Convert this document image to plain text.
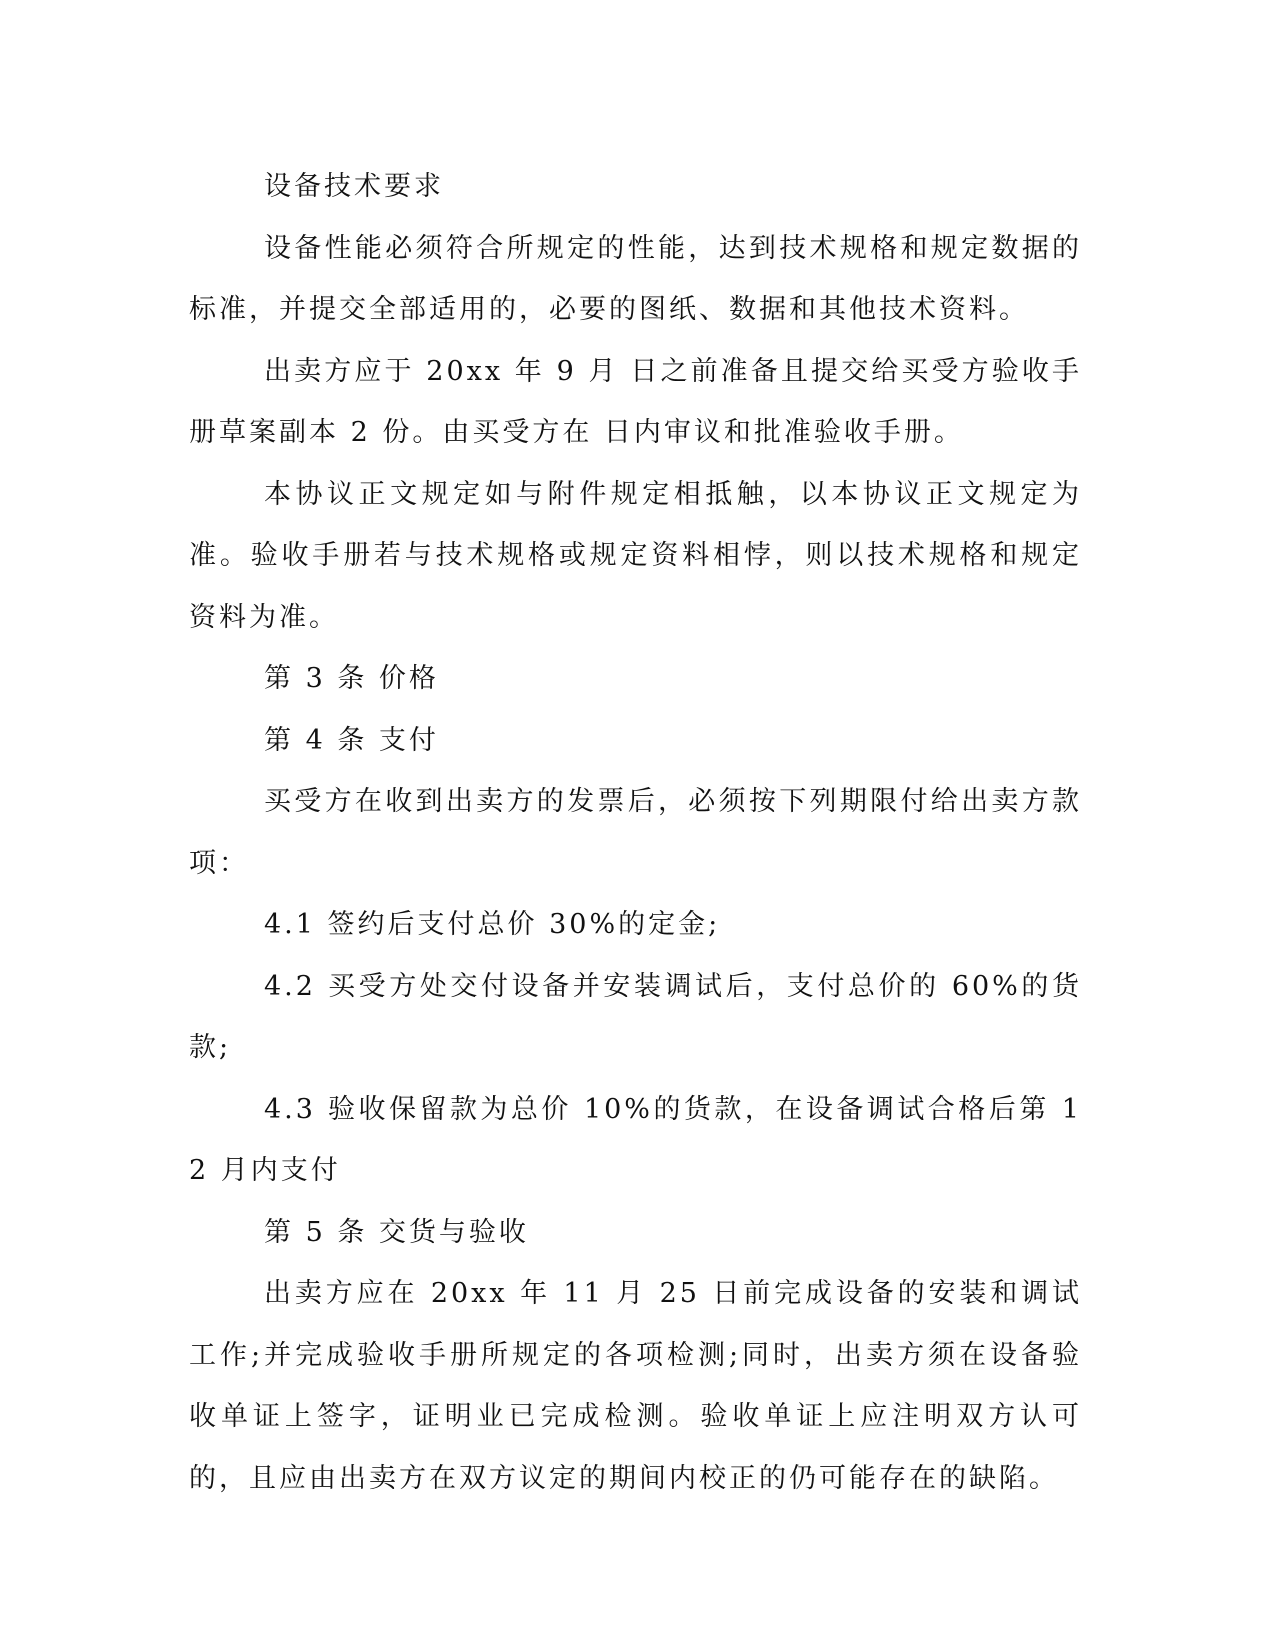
设备技术要求

设备性能必须符合所规定的性能，达到技术规格和规定数据的标准，并提交全部适用的，必要的图纸、数据和其他技术资料。

出卖方应于 20xx 年 9 月 日之前准备且提交给买受方验收手册草案副本 2 份。由买受方在 日内审议和批准验收手册。

本协议正文规定如与附件规定相抵触，以本协议正文规定为准。验收手册若与技术规格或规定资料相悖，则以技术规格和规定资料为准。

第 3 条 价格

第 4 条 支付

买受方在收到出卖方的发票后，必须按下列期限付给出卖方款项：

4.1 签约后支付总价 30%的定金;

4.2 买受方处交付设备并安装调试后，支付总价的 60%的货款;

4.3 验收保留款为总价 10%的货款，在设备调试合格后第 12 月内支付

第 5 条 交货与验收

出卖方应在 20xx 年 11 月 25 日前完成设备的安装和调试工作;并完成验收手册所规定的各项检测;同时，出卖方须在设备验收单证上签字，证明业已完成检测。验收单证上应注明双方认可的，且应由出卖方在双方议定的期间内校正的仍可能存在的缺陷。
